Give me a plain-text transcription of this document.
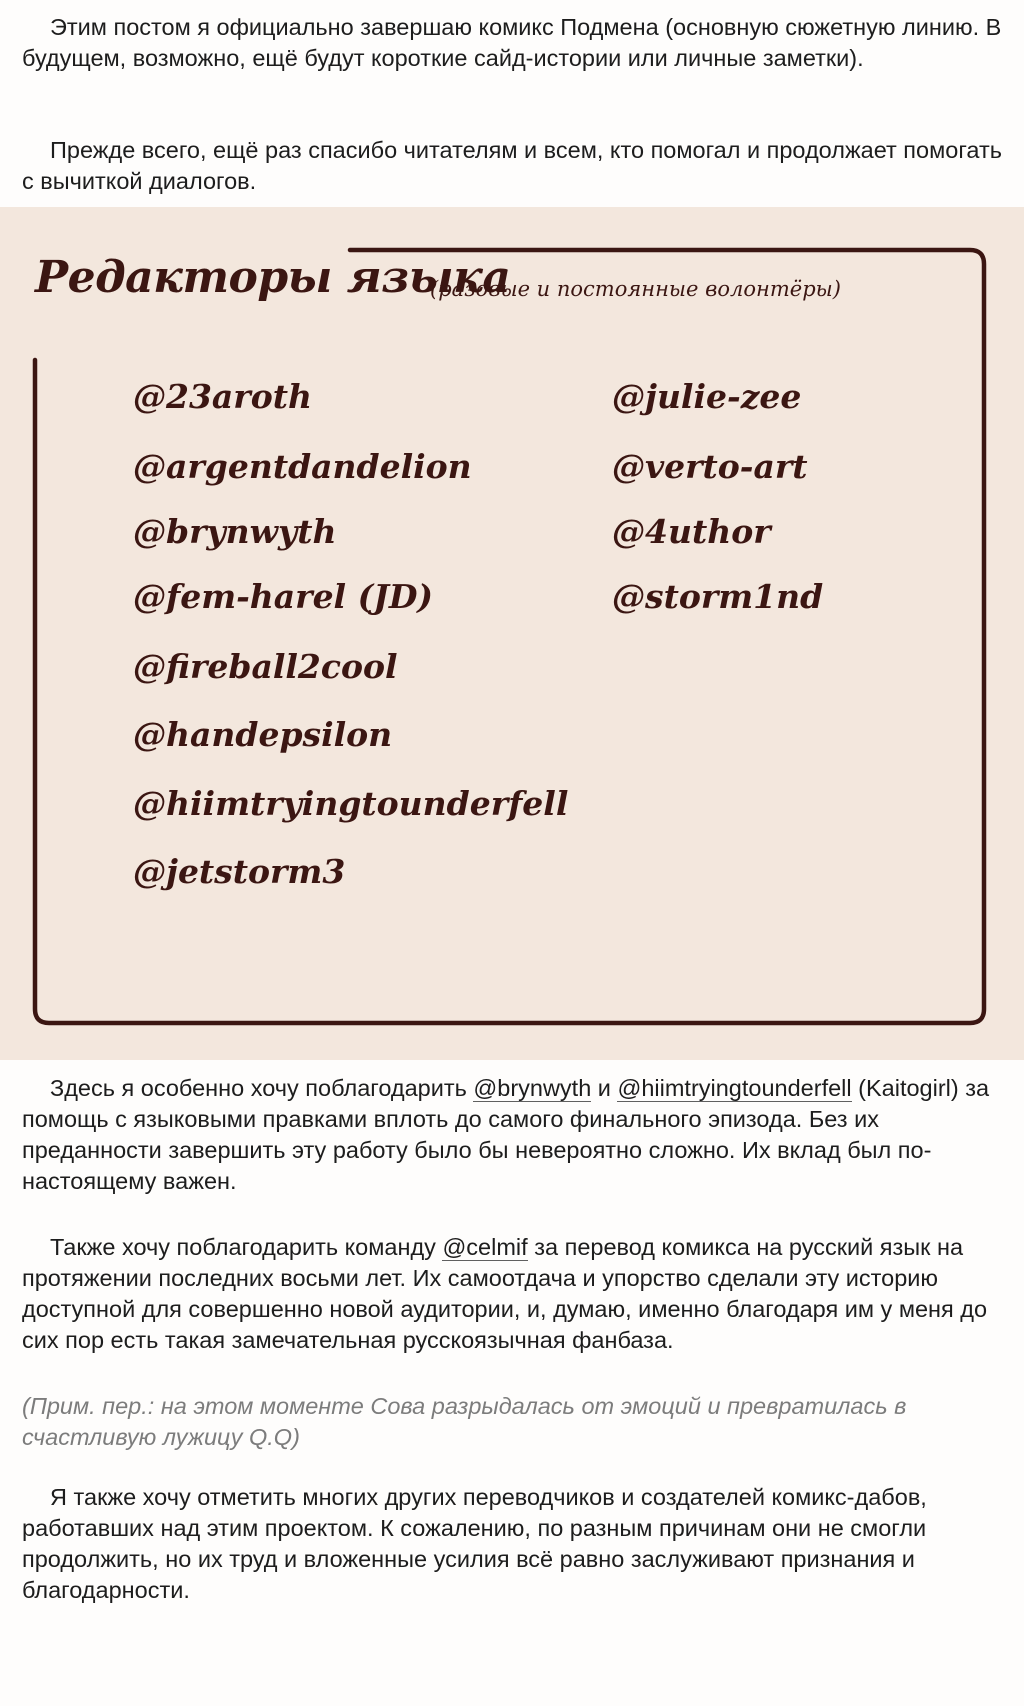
Этим постом я официально завершаю комикс Подмена (основную сюжетную линию. В будущем, возможно, ещё будут короткие сайд-истории или личные заметки).

Прежде всего, ещё раз спасибо читателям и всем, кто помогал и продолжает помогать с вычиткой диалогов.

Редакторы языка
(разовые и постоянные волонтёры)
@23aroth
@argentdandelion
@brynwyth
@fem-harel (JD)
@fireball2cool
@handepsilon
@hiimtryingtounderfell
@jetstorm3
@julie-zee
@verto-art
@4uthor
@storm1nd

Здесь я особенно хочу поблагодарить @brynwyth и @hiimtryingtounderfell (Kaitogirl) за помощь с языковыми правками вплоть до самого финального эпизода. Без их преданности завершить эту работу было бы невероятно сложно. Их вклад был по-настоящему важен.

Также хочу поблагодарить команду @celmif за перевод комикса на русский язык на протяжении последних восьми лет. Их самоотдача и упорство сделали эту историю доступной для совершенно новой аудитории, и, думаю, именно благодаря им у меня до сих пор есть такая замечательная русскоязычная фанбаза.

(Прим. пер.: на этом моменте Сова разрыдалась от эмоций и превратилась в счастливую лужицу Q.Q)

Я также хочу отметить многих других переводчиков и создателей комикс-дабов, работавших над этим проектом. К сожалению, по разным причинам они не смогли продолжить, но их труд и вложенные усилия всё равно заслуживают признания и благодарности.
